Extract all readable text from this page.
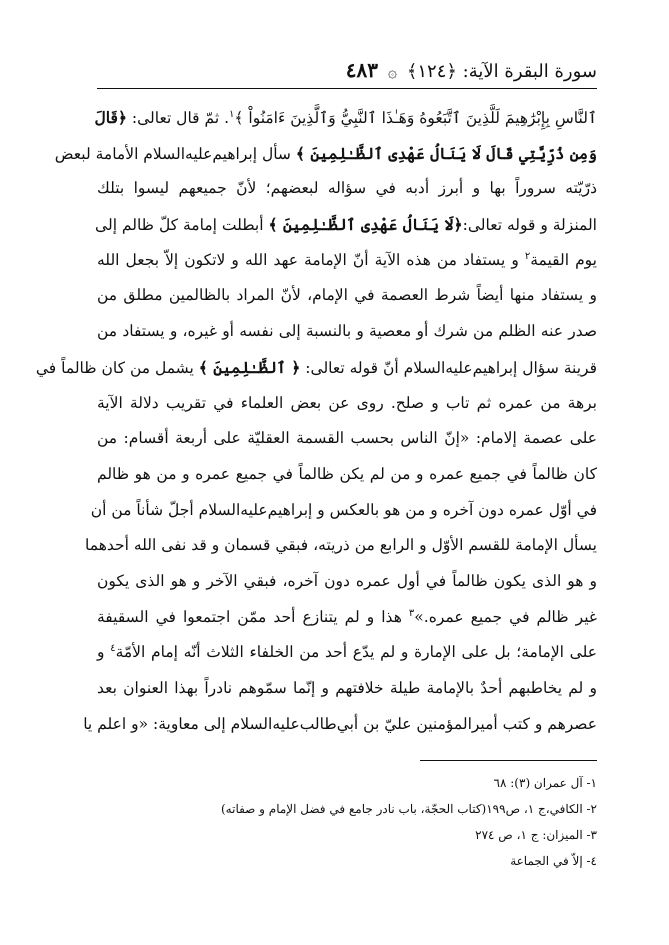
سورة البقرة الآية: ﴿١٢٤﴾ ۞ ٤٨٣
ٱلنَّاسِ بِإِبْرَٰهِيمَ لَلَّذِينَ ٱتَّبَعُوهُ وَهَـٰذَا ٱلنَّبِيُّ وَٱلَّذِينَ ءَامَنُواْ ﴾$^١$. ثمّ قال تعالى: ﴿قَالَ
وَمِن ذُرِّيَّتِي قَالَ لَا يَنَالُ عَهْدِى ٱلظَّـٰلِمِينَ ﴾ سأل إبراهيم‌عليه‌السلام الأمامة لبعض
ذرّيّته سروراً بها و أبرز أدبه في سؤاله لبعضهم؛ لأنّ جميعهم ليسوا بتلك
المنزلة و قوله تعالى:﴿لَا يَنَالُ عَهْدِى ٱلظَّـٰلِمِينَ ﴾ أبطلت إمامة كلّ ظالم إلى
يوم القيمة$^٢$ و يستفاد من هذه الآية أنّ الإمامة عهد الله و لاتكون إلاّ بجعل الله
و يستفاد منها أيضاً شرط العصمة في الإمام، لأنّ المراد بالظالمين مطلق من
صدر عنه الظلم من شرك أو معصية و بالنسبة إلى نفسه أو غيره، و يستفاد من
قرينة سؤال إبراهيم‌عليه‌السلام أنّ قوله تعالى: ﴿ ٱلظَّـٰلِمِينَ ﴾ يشمل من كان ظالماً في
برهة من عمره ثم تاب و صلح. روى عن بعض العلماء في تقريب دلالة الآية
على عصمة إلامام: «إنّ الناس بحسب القسمة العقليّة على أربعة أقسام: من
كان ظالماً في جميع عمره و من لم يكن ظالماً في جميع عمره و من هو ظالم
في أوّل عمره دون آخره و من هو بالعكس و إبراهيم‌عليه‌السلام أجلّ شأناً من أن
يسأل الإمامة للقسم الأوّل و الرابع من ذريته، فبقي قسمان و قد نفى الله أحدهما
و هو الذى يكون ظالماً في أول عمره دون آخره، فبقي الآخر و هو الذى يكون
غير ظالم في جميع عمره.»$^٣$ هذا و لم يتنازع أحد ممّن اجتمعوا في السقيفة
على الإمامة؛ بل على الإمارة و لم يدّع أحد من الخلفاء الثلاث أنّه إمام الأمّة$^٤$ و
و لم يخاطبهم أحدٌ بالإمامة طيلة خلافتهم و إنّما سمّوهم نادراً بهذا العنوان بعد
عصرهم و كتب أميرالمؤمنين عليّ بن أبي‌طالب‌عليه‌السلام إلى معاوية: «و اعلم يا
١- آل عمران (٣): ٦٨
٢- الكافي،ج ١، ص١٩٩(كتاب الحجّة، باب نادر جامع في فضل الإمام و صفاته)
٣- الميزان: ج ١، ص ٢٧٤
٤- إلاّ في الجماعة
